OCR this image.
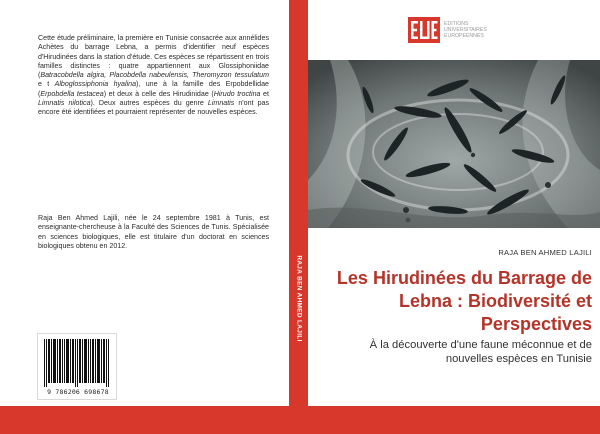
Cette étude préliminaire, la première en Tunisie consacrée aux annélides Achètes du barrage Lebna, a permis d'identifier neuf espèces d'Hirudinées dans la station d'étude. Ces espèces se répartissent en trois familles distinctes : quatre appartiennent aux Glossiphoniidae (Batracobdella algira, Placobdella nabeulensis, Theromyzon tessulatum e t Alboglossiphonia hyalina), une à la famille des Erpobdellidae (Erpobdella testacea) et deux à celle des Hirudinidae (Hirudo troctina et Limnatis nilotica). Deux autres espèces du genre Limnatis n'ont pas encore été identifiées et pourraient représenter de nouvelles espèces.
Raja Ben Ahmed Lajili, née le 24 septembre 1981 à Tunis, est enseignante-chercheuse à la Faculté des Sciences de Tunis. Spécialisée en sciences biologiques, elle est titulaire d'un doctorat en sciences biologiques obtenu en 2012.
9 786206 698678
RAJA BEN AHMED LAJILI
EDITIONS
UNIVERSITAIRES
EUROPEENNES
RAJA BEN AHMED LAJILI
Les Hirudinées du Barrage de Lebna : Biodiversité et Perspectives
À la découverte d'une faune méconnue et de nouvelles espèces en Tunisie
